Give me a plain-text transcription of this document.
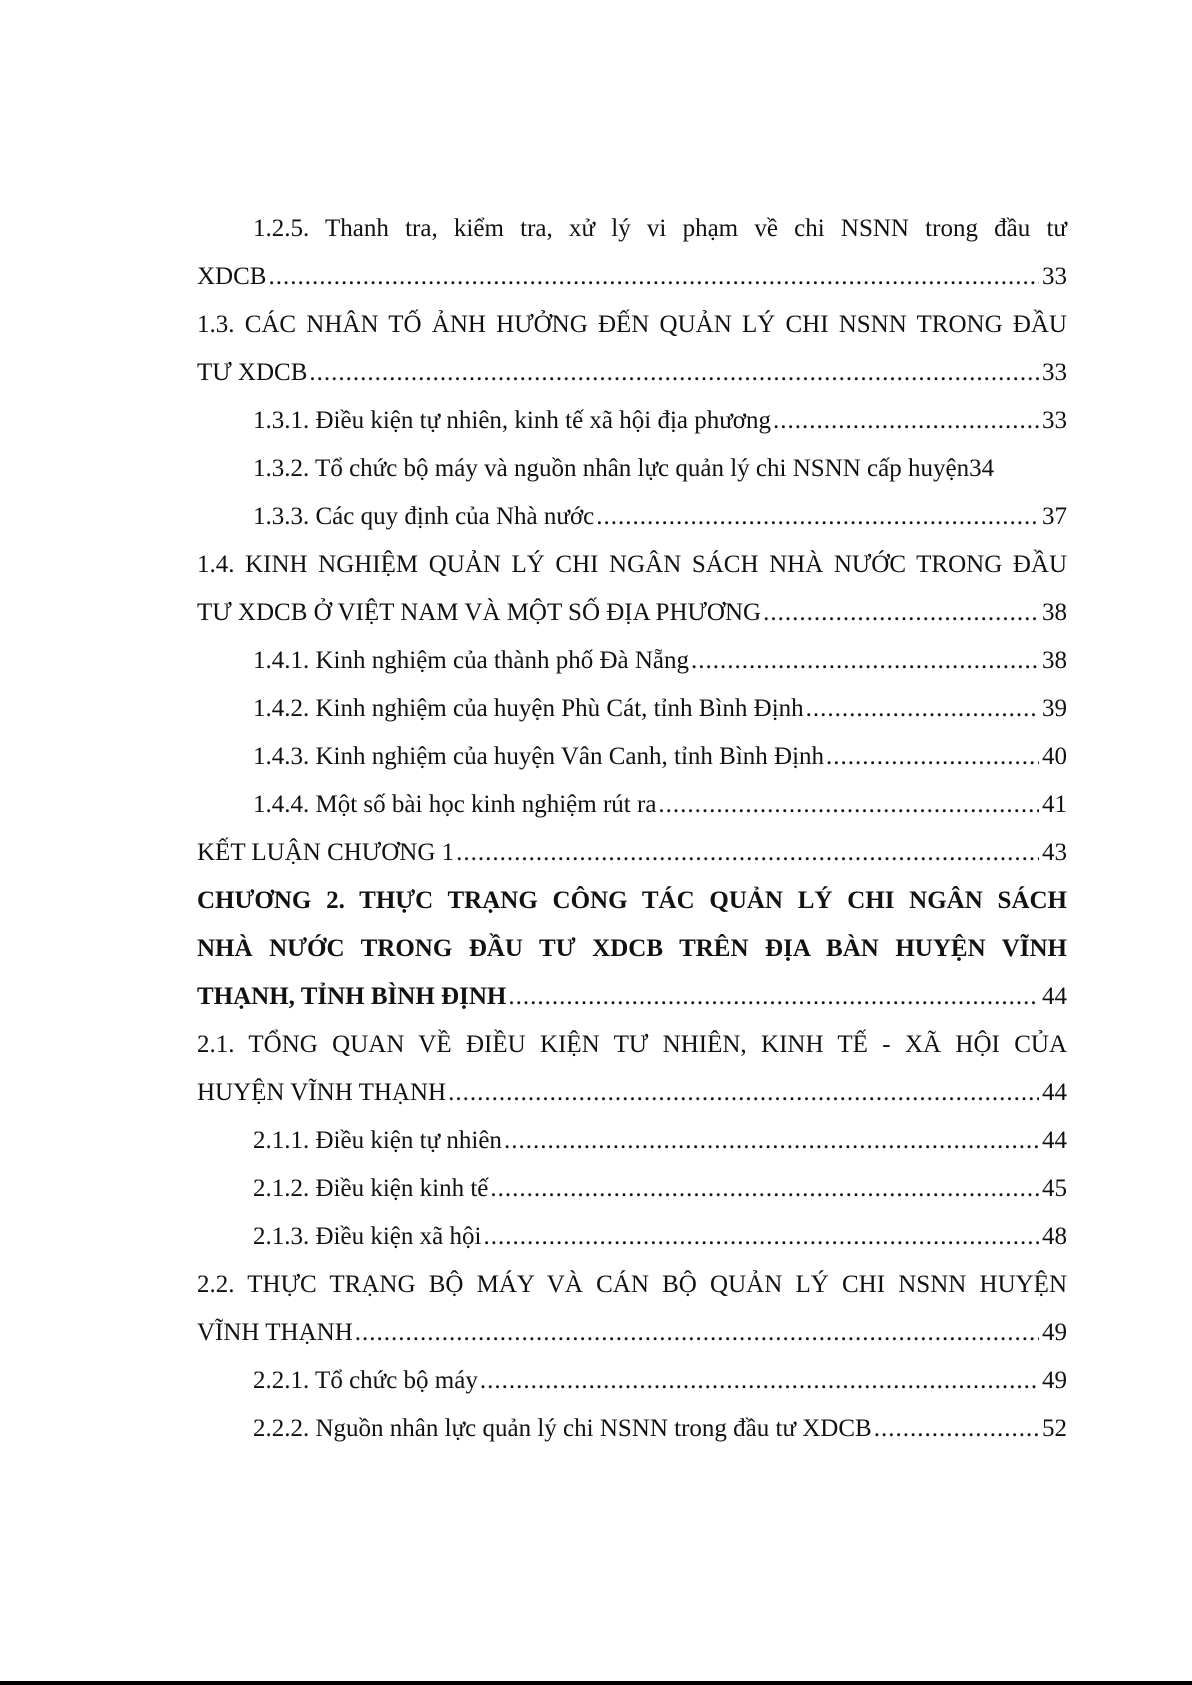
1.2.5. Thanh tra, kiểm tra, xử lý vi phạm về chi NSNN trong đầu tư
XDCB .....	33
1.3. CÁC NHÂN TỐ ẢNH HƯỞNG ĐẾN QUẢN LÝ CHI NSNN TRONG ĐẦU
TƯ XDCB .....	33
1.3.1. Điều kiện tự nhiên, kinh tế xã hội địa phương .....	33
1.3.2. Tổ chức bộ máy và nguồn nhân lực quản lý chi NSNN cấp huyện 34
1.3.3. Các quy định của Nhà nước .....	37
1.4. KINH NGHIỆM QUẢN LÝ CHI NGÂN SÁCH NHÀ NƯỚC TRONG ĐẦU
TƯ XDCB Ở VIỆT NAM VÀ MỘT SỐ ĐỊA PHƯƠNG .....	38
1.4.1. Kinh nghiệm của thành phố Đà Nẵng .....	38
1.4.2. Kinh nghiệm của huyện Phù Cát, tỉnh Bình Định .....	39
1.4.3. Kinh nghiệm của huyện Vân Canh, tỉnh Bình Định .....	40
1.4.4. Một số bài học kinh nghiệm rút ra .....	41
KẾT LUẬN CHƯƠNG 1 .....	43
CHƯƠNG 2. THỰC TRẠNG CÔNG TÁC QUẢN LÝ CHI NGÂN SÁCH
NHÀ NƯỚC TRONG ĐẦU TƯ XDCB TRÊN ĐỊA BÀN HUYỆN VĨNH
THẠNH, TỈNH BÌNH ĐỊNH .....	44
2.1. TỔNG QUAN VỀ ĐIỀU KIỆN TƯ NHIÊN, KINH TẾ - XÃ HỘI CỦA
HUYỆN VĨNH THẠNH .....	44
2.1.1. Điều kiện tự nhiên .....	44
2.1.2. Điều kiện kinh tế .....	45
2.1.3. Điều kiện xã hội .....	48
2.2. THỰC TRẠNG BỘ MÁY VÀ CÁN BỘ QUẢN LÝ CHI NSNN HUYỆN
VĨNH THẠNH .....	49
2.2.1. Tổ chức bộ máy .....	49
2.2.2. Nguồn nhân lực quản lý chi NSNN trong đầu tư XDCB .....	52
